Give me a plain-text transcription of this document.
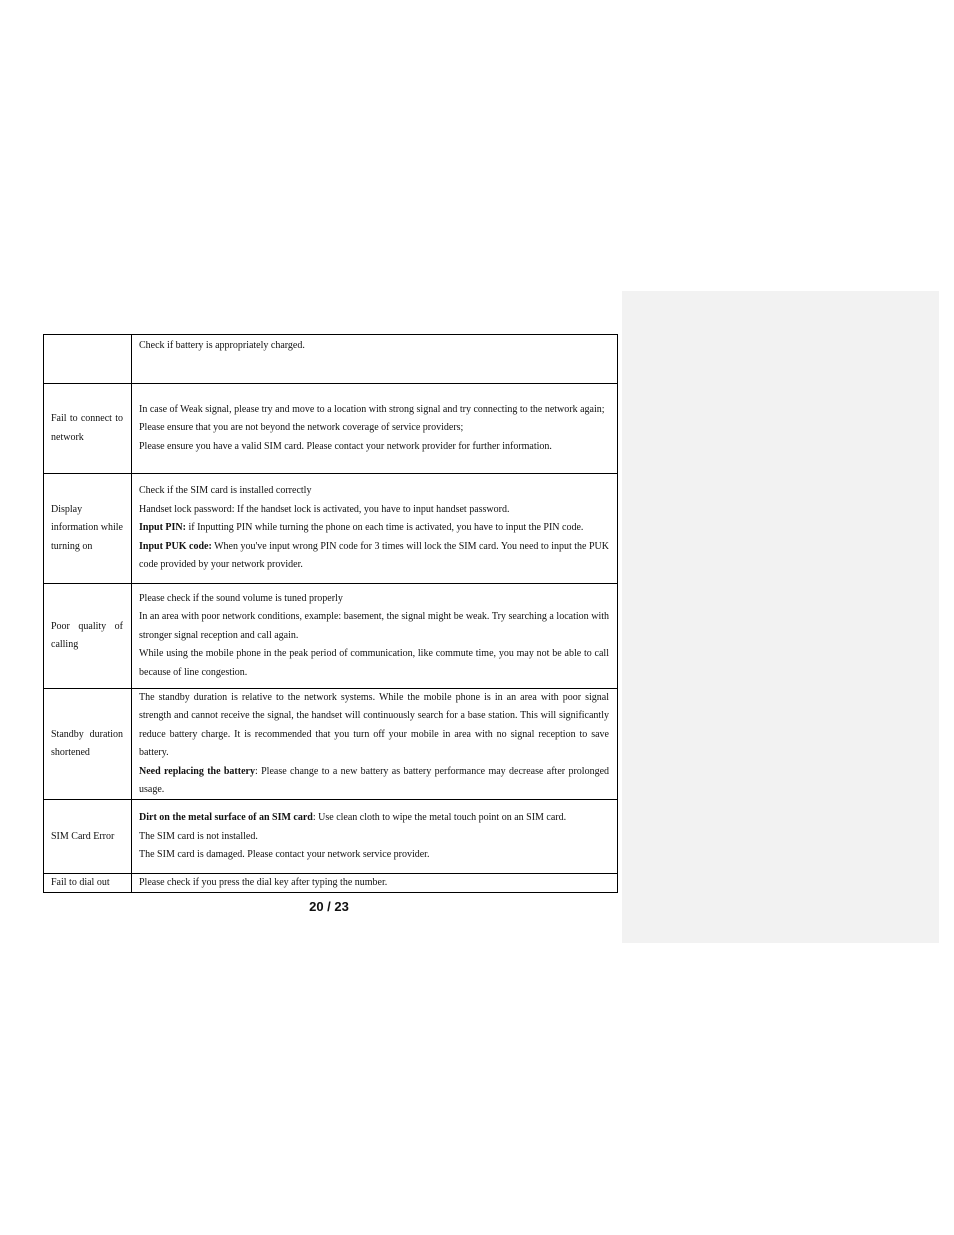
	Check if battery is appropriately charged.

Fail to connect to network	In case of Weak signal, please try and move to a location with strong signal and try connecting to the network again;

Please ensure that you are not beyond the network coverage of service providers;

Please ensure you have a valid SIM card. Please contact your network provider for further information.

Display information while turning on	Check if the SIM card is installed correctly

Handset lock password: If the handset lock is activated, you have to input handset password.

Input PIN: if Inputting PIN while turning the phone on each time is activated, you have to input the PIN code.

Input PUK code: When you've input wrong PIN code for 3 times will lock the SIM card. You need to input the PUK code provided by your network provider.

Poor quality of calling	Please check if the sound volume is tuned properly

In an area with poor network conditions, example: basement, the signal might be weak. Try searching a location with stronger signal reception and call again.

While using the mobile phone in the peak period of communication, like commute time, you may not be able to call because of line congestion.

Standby duration shortened	The standby duration is relative to the network systems. While the mobile phone is in an area with poor signal strength and cannot receive the signal, the handset will continuously search for a base station. This will significantly reduce battery charge. It is recommended that you turn off your mobile in area with no signal reception to save battery.

Need replacing the battery: Please change to a new battery as battery performance may decrease after prolonged usage.

SIM Card Error	Dirt on the metal surface of an SIM card: Use clean cloth to wipe the metal touch point on an SIM card.

The SIM card is not installed.

The SIM card is damaged. Please contact your network service provider.

Fail to dial out	Please check if you press the dial key after typing the number.

20 / 23
